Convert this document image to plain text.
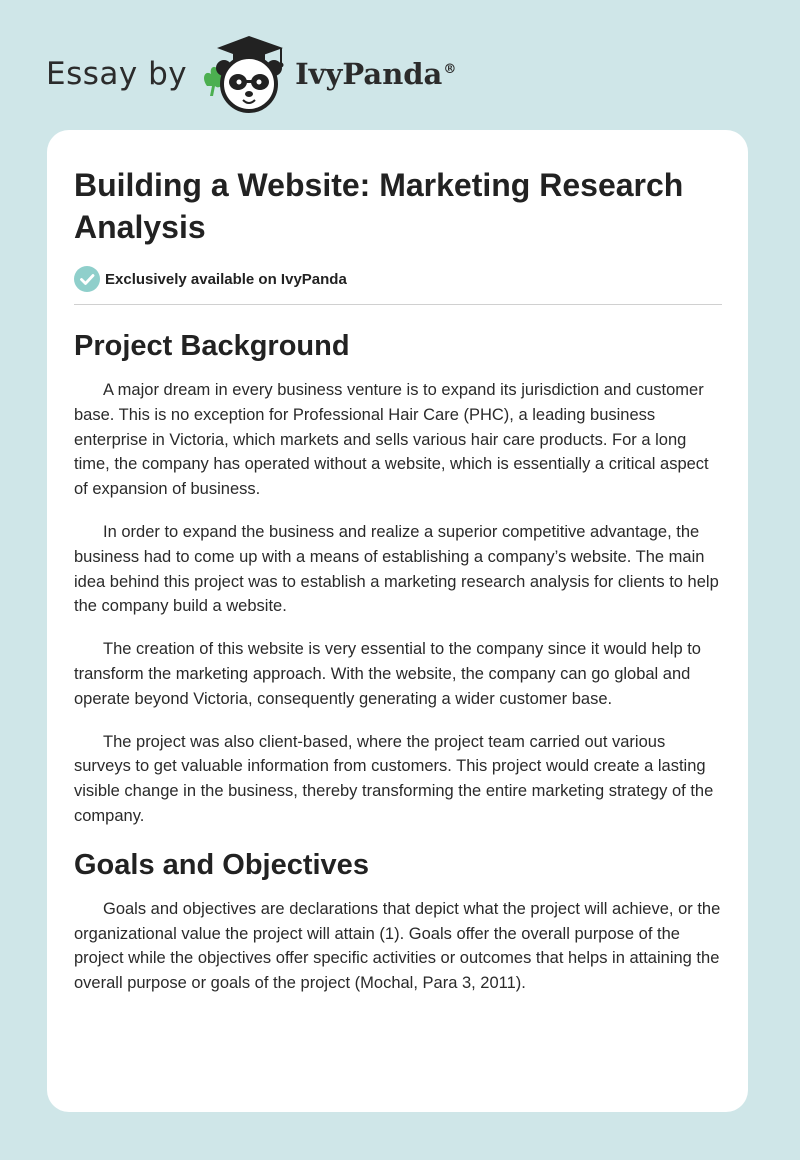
Essay by	IvyPanda®
Building a Website: Marketing Research Analysis
Exclusively available on IvyPanda
Project Background

A major dream in every business venture is to expand its jurisdiction and customer base. This is no exception for Professional Hair Care (PHC), a leading business enterprise in Victoria, which markets and sells various hair care products. For a long time, the company has operated without a website, which is essentially a critical aspect of expansion of business.

In order to expand the business and realize a superior competitive advantage, the business had to come up with a means of establishing a company’s website. The main idea behind this project was to establish a marketing research analysis for clients to help the company build a website.

The creation of this website is very essential to the company since it would help to transform the marketing approach. With the website, the company can go global and operate beyond Victoria, consequently generating a wider customer base.

The project was also client-based, where the project team carried out various surveys to get valuable information from customers. This project would create a lasting visible change in the business, thereby transforming the entire marketing strategy of the company.

Goals and Objectives

Goals and objectives are declarations that depict what the project will achieve, or the organizational value the project will attain (1). Goals offer the overall purpose of the project while the objectives offer specific activities or outcomes that helps in attaining the overall purpose or goals of the project (Mochal, Para 3, 2011).
